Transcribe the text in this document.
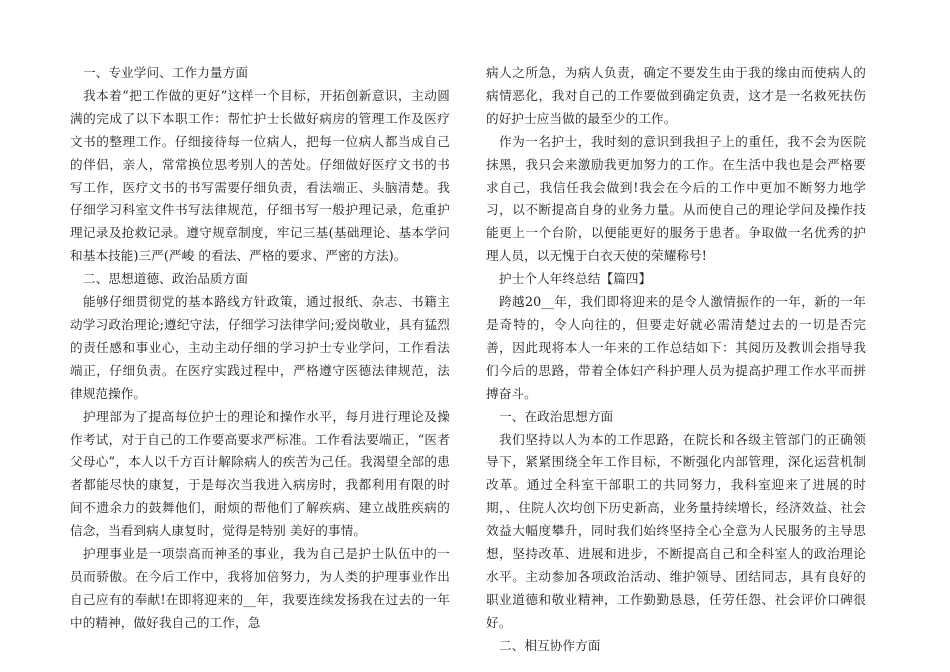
一、专业学问、工作力量方面

我本着“把工作做的更好”这样一个目标，开拓创新意识，主动圆满的完成了以下本职工作：帮忙护士长做好病房的管理工作及医疗文书的整理工作。仔细接待每一位病人，把每一位病人都当成自己的伴侣，亲人，常常换位思考别人的苦处。仔细做好医疗文书的书写工作，医疗文书的书写需要仔细负责，看法端正、头脑清楚。我仔细学习科室文件书写法律规范，仔细书写一般护理记录，危重护理记录及抢救记录。遵守规章制度，牢记三基(基础理论、基本学问和基本技能)三严(严峻 的看法、严格的要求、严密的方法)。

二、思想道德、政治品质方面

能够仔细贯彻党的基本路线方针政策，通过报纸、杂志、书籍主动学习政治理论;遵纪守法，仔细学习法律学问;爱岗敬业，具有猛烈的责任感和事业心，主动主动仔细的学习护士专业学问，工作看法端正，仔细负责。在医疗实践过程中，严格遵守医德法律规范，法律规范操作。

护理部为了提高每位护士的理论和操作水平，每月进行理论及操作考试，对于自己的工作要高要求严标准。工作看法要端正，“医者父母心”，本人以千方百计解除病人的疾苦为己任。我渴望全部的患者都能尽快的康复，于是每次当我进入病房时，我都利用有限的时间不遗余力的鼓舞他们，耐烦的帮他们了解疾病、建立战胜疾病的信念，当看到病人康复时，觉得是特别 美好的事情。

护理事业是一项崇高而神圣的事业，我为自己是护士队伍中的一员而骄傲。在今后工作中，我将加倍努力，为人类的护理事业作出自己应有的奉献!在即将迎来的__年，我要连续发扬我在过去的一年中的精神，做好我自己的工作，急

病人之所急，为病人负责，确定不要发生由于我的缘由而使病人的病情恶化，我对自己的工作要做到确定负责，这才是一名救死扶伤的好护士应当做的最至少的工作。

作为一名护士，我时刻的意识到我担子上的重任，我不会为医院抹黑，我只会来激励我更加努力的工作。在生活中我也是会严格要求自己，我信任我会做到!我会在今后的工作中更加不断努力地学习，以不断提高自身的业务力量。从而使自己的理论学问及操作技能更上一个台阶，以便能更好的服务于患者。争取做一名优秀的护理人员，以无愧于白衣天使的荣耀称号!

护士个人年终总结【篇四】

跨越20__年，我们即将迎来的是令人激情振作的一年，新的一年是奇特的，令人向往的，但要走好就必需清楚过去的一切是否完善，因此现将本人一年来的工作总结如下：其阅历及教训会指导我们今后的思路，带着全体妇产科护理人员为提高护理工作水平而拼搏奋斗。

一、在政治思想方面

我们坚持以人为本的工作思路，在院长和各级主管部门的正确领导下，紧紧围绕全年工作目标，不断强化内部管理，深化运营机制改革。通过全科室干部职工的共同努力，我科室迎来了进展的时期，、住院人次均创下历史新高，业务量持续增长，经济效益、社会效益大幅度攀升，同时我们始终坚持全心全意为人民服务的主导思想，坚持改革、进展和进步，不断提高自己和全科室人的政治理论水平。主动参加各项政治活动、维护领导、团结同志，具有良好的职业道德和敬业精神，工作勤勤恳恳，任劳任怨、社会评价口碑很好。

二、相互协作方面
